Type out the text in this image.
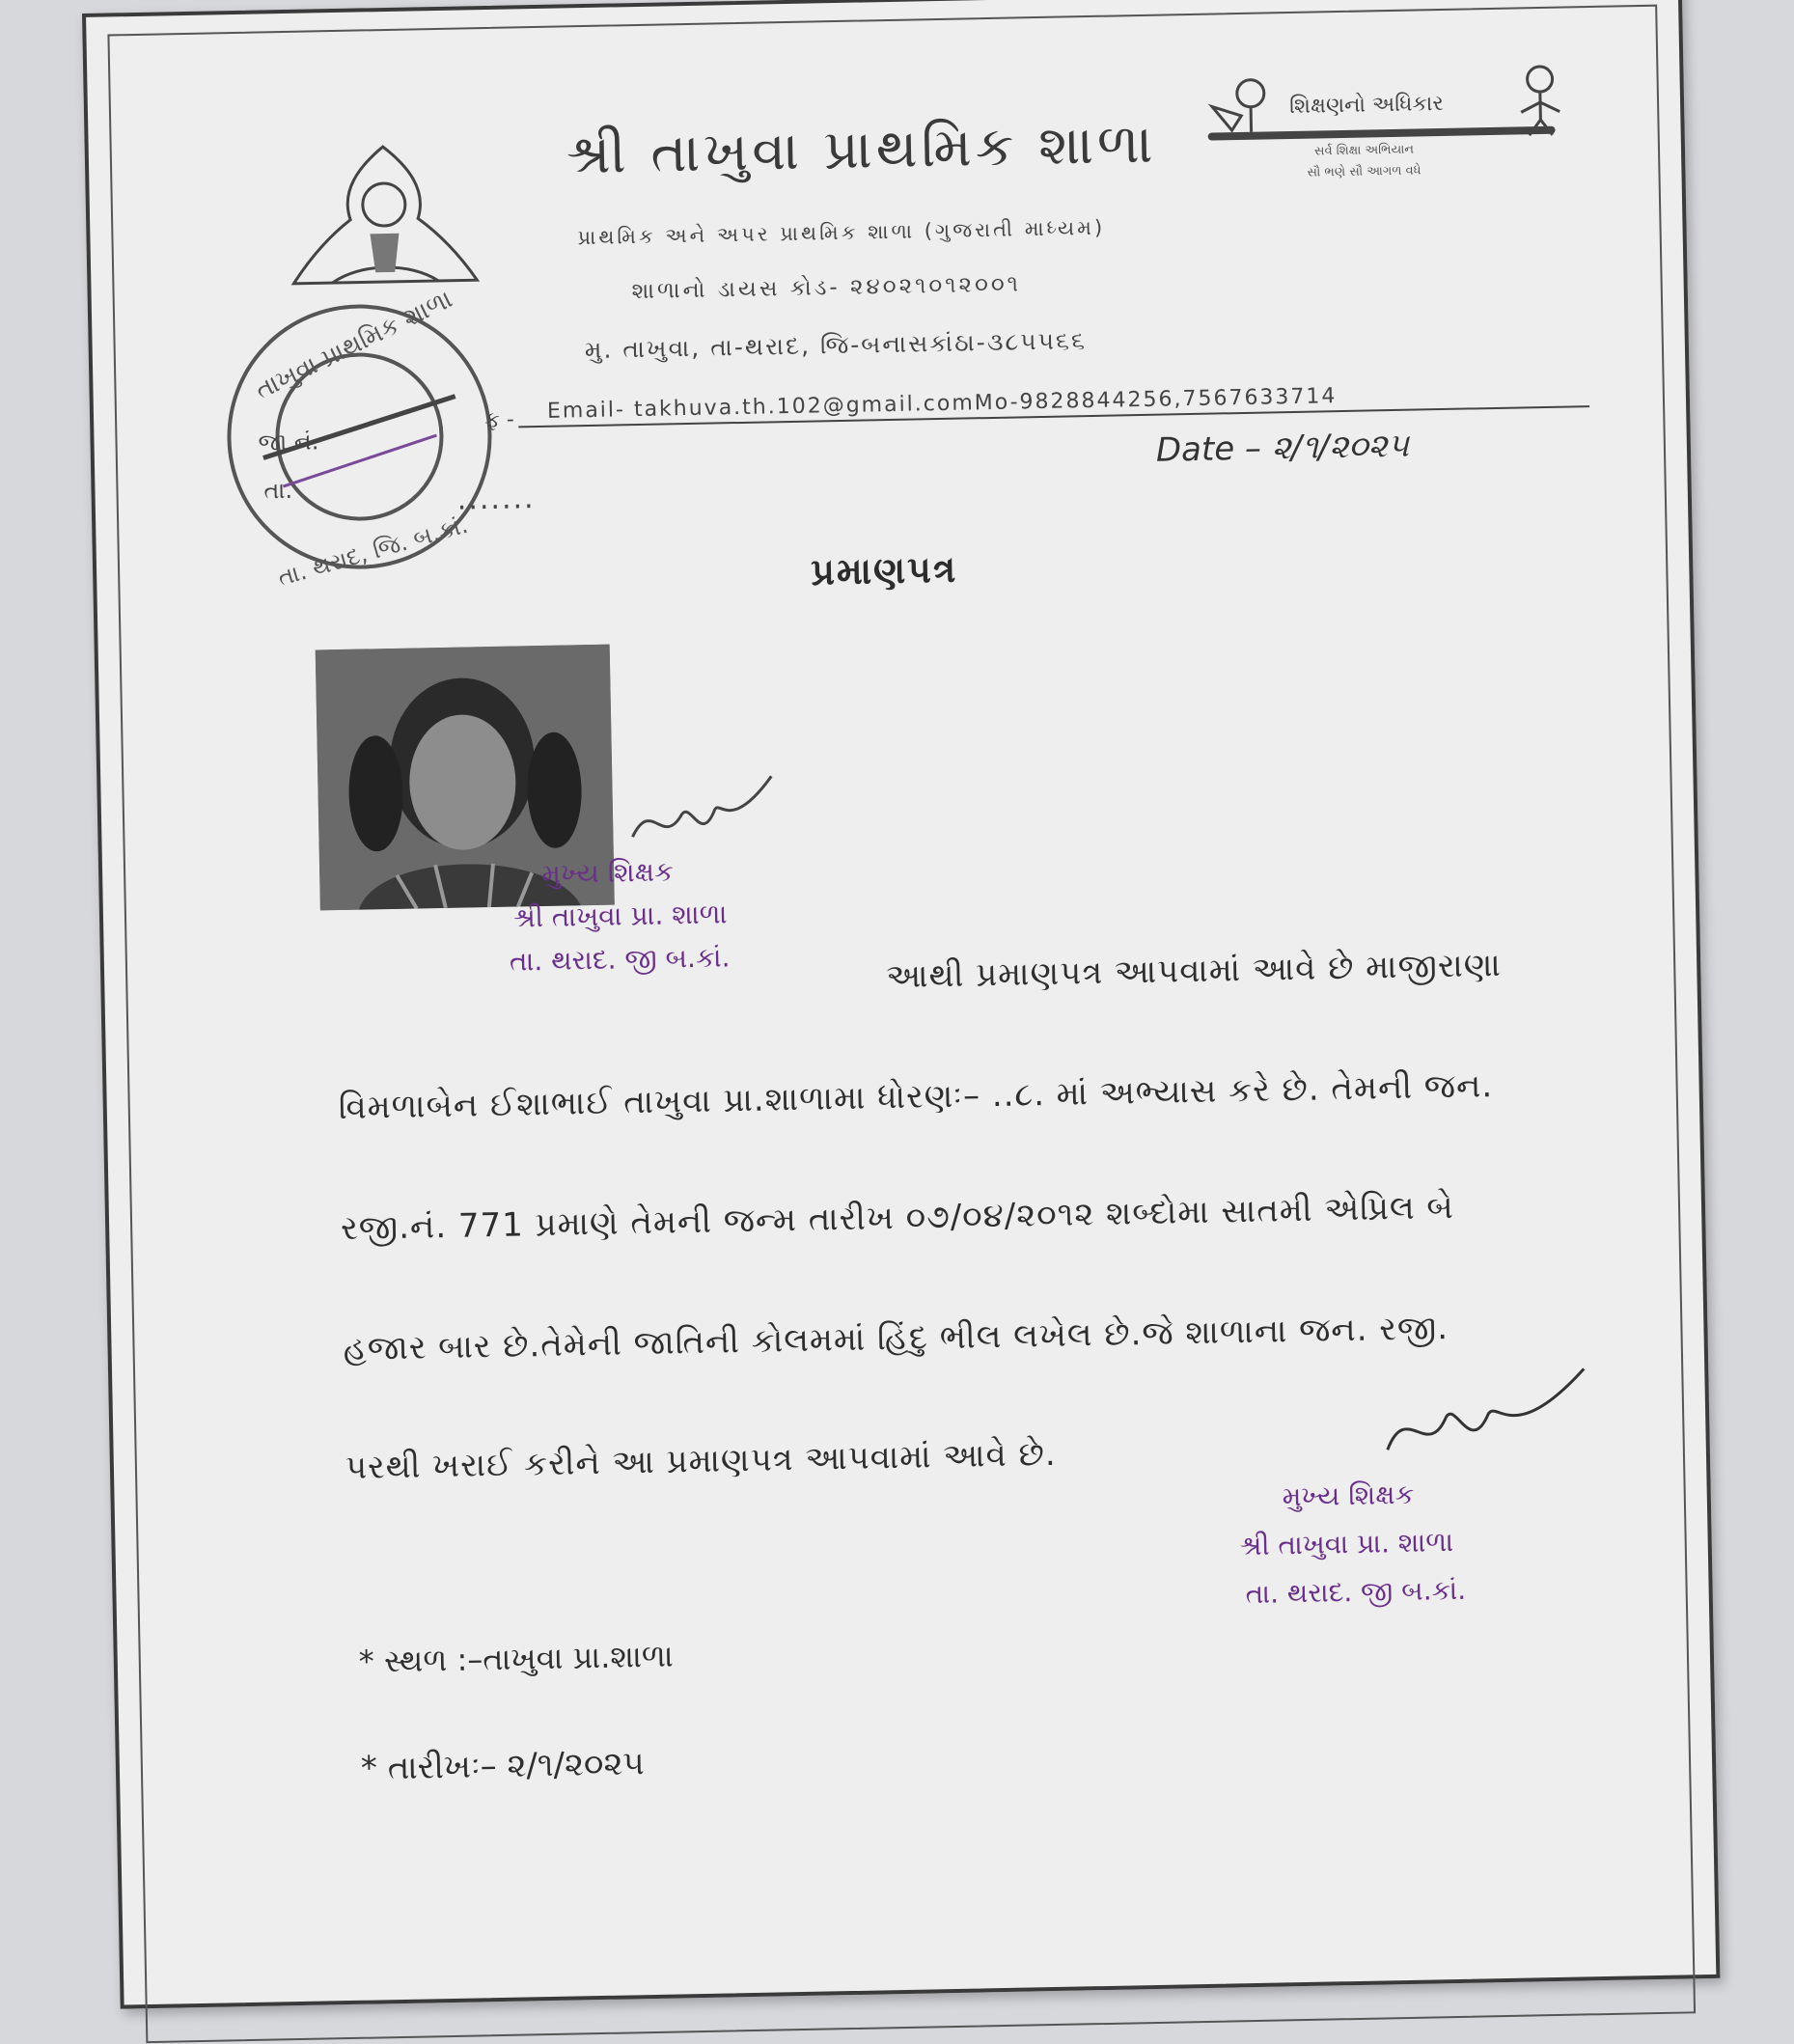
તાખુવા પ્રાથમિક શાળા
તા. થરાદ, જિ. બ.કાં.
જા.નં.
તા.	.......
શ્રી તાખુવા પ્રાથમિક શાળા
પ્રાથમિક અને અપર પ્રાથમિક શાળા (ગુજરાતી માધ્યમ)
શાળાનો ડાયસ કોડ- ૨૪૦૨૧૦૧૨૦૦૧
મુ. તાખુવા, તા-થરાદ, જિ-બનાસકાંઠા-૩૮૫૫૬૬
ફ - Email- takhuva.th.102@gmail.comMo-9828844256,7567633714
શિક્ષણનો અધિકાર
સર્વ શિક્ષા અભિયાન
સૌ ભણે સૌ આગળ વધે
Date – ૨/૧/૨૦૨૫
પ્રમાણપત્ર
મુખ્ય શિક્ષક
શ્રી તાખુવા પ્રા. શાળા
તા. થરાદ. જી બ.કાં.	આથી પ્રમાણપત્ર આપવામાં આવે છે માજીરાણા
વિમળાબેન ઈશાભાઈ તાખુવા પ્રા.શાળામા ધોરણઃ– ..૮. માં અભ્યાસ કરે છે. તેમની જન.
રજી.નં. 771 પ્રમાણે તેમની જન્મ તારીખ ૦૭/૦૪/૨૦૧૨ શબ્દોમા સાતમી એપ્રિલ બે
હજાર બાર છે.તેમેની જાતિની કોલમમાં હિંદુ ભીલ લખેલ છે.જે શાળાના જન. રજી.
પરથી ખરાઈ કરીને આ પ્રમાણપત્ર આપવામાં આવે છે.
મુખ્ય શિક્ષક
શ્રી તાખુવા પ્રા. શાળા
તા. થરાદ. જી બ.કાં.
* સ્થળ :–તાખુવા પ્રા.શાળા
* તારીખઃ– ૨/૧/૨૦૨૫
